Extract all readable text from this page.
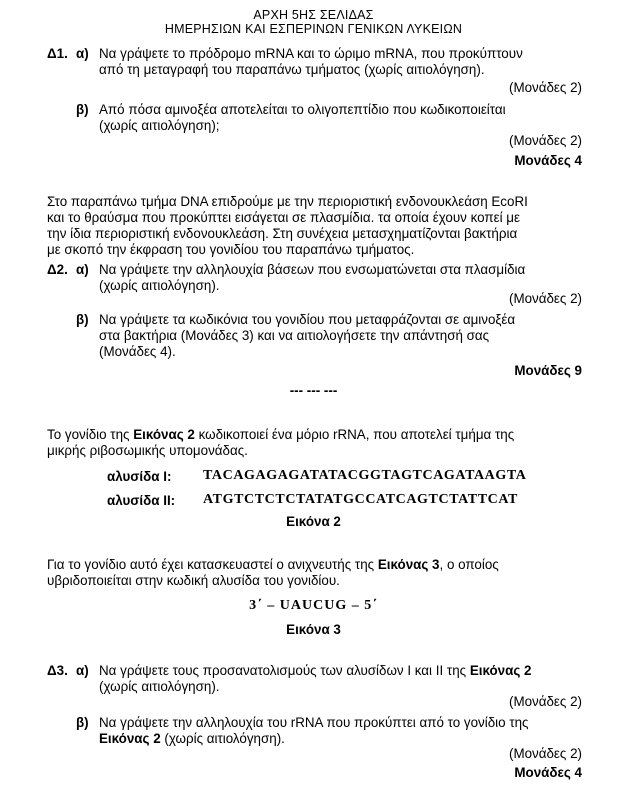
ΑΡΧΗ 5ΗΣ ΣΕΛΙΔΑΣ
ΗΜΕΡΗΣΙΩΝ ΚΑΙ ΕΣΠΕΡΙΝΩΝ ΓΕΝΙΚΩΝ ΛΥΚΕΙΩΝ
Δ1. α) Να γράψετε το πρόδρομο mRNA και το ώριμο mRNA, που προκύπτουν
από τη μεταγραφή του παραπάνω τμήματος (χωρίς αιτιολόγηση).
(Μονάδες 2)
β) Από πόσα αμινοξέα αποτελείται το ολιγοπεπτίδιο που κωδικοποιείται
(χωρίς αιτιολόγηση);
(Μονάδες 2)
Μονάδες 4
Στο παραπάνω τμήμα DNA επιδρούμε με την περιοριστική ενδονουκλεάση EcoRI
και το θραύσμα που προκύπτει εισάγεται σε πλασμίδια. τα οποία έχουν κοπεί με
την ίδια περιοριστική ενδονουκλεάση. Στη συνέχεια μετασχηματίζονται βακτήρια
με σκοπό την έκφραση του γονιδίου του παραπάνω τμήματος.
Δ2. α) Να γράψετε την αλληλουχία βάσεων που ενσωματώνεται στα πλασμίδια
(χωρίς αιτιολόγηση).
(Μονάδες 2)
β) Να γράψετε τα κωδικόνια του γονιδίου που μεταφράζονται σε αμινοξέα
στα βακτήρια (Μονάδες 3) και να αιτιολογήσετε την απάντησή σας
(Μονάδες 4).
Μονάδες 9
--- --- ---
Το γονίδιο της Εικόνας 2 κωδικοποιεί ένα μόριο rRNA, που αποτελεί τμήμα της
μικρής ριβοσωμικής υπομονάδας.
αλυσίδα Ι: TACAGAGAGATATACGGTAGTCAGATAAGTA
αλυσίδα ΙΙ: ATGTCTCTCTATATGCCATCAGTCTATTCAT
Εικόνα 2
Για το γονίδιο αυτό έχει κατασκευαστεί ο ανιχνευτής της Εικόνας 3, ο οποίος
υβριδοποιείται στην κωδική αλυσίδα του γονιδίου.
3΄ – UAUCUG – 5΄
Εικόνα 3
Δ3. α) Να γράψετε τους προσανατολισμούς των αλυσίδων Ι και ΙΙ της Εικόνας 2
(χωρίς αιτιολόγηση).
(Μονάδες 2)
β) Να γράψετε την αλληλουχία του rRNA που προκύπτει από το γονίδιο της
Εικόνας 2 (χωρίς αιτιολόγηση).
(Μονάδες 2)
Μονάδες 4
